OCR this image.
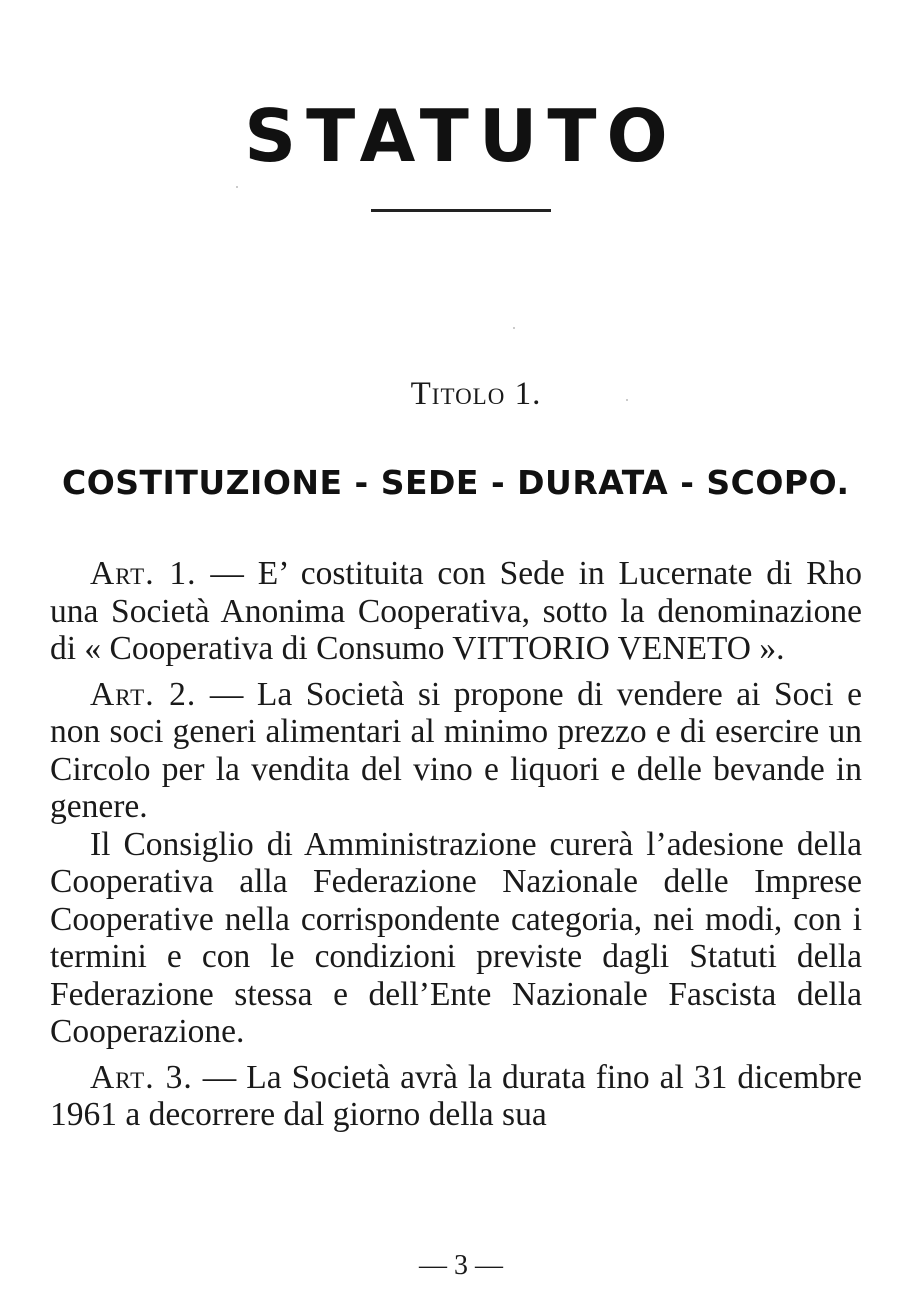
STATUTO
Titolo 1.
COSTITUZIONE - SEDE - DURATA - SCOPO.

Art. 1. — E’ costituita con Sede in Lucernate di Rho una Società Anonima Cooperativa, sotto la denominazione di « Cooperativa di Consumo VITTORIO VENETO ».

Art. 2. — La Società si propone di vendere ai Soci e non soci generi alimentari al minimo prezzo e di esercire un Circolo per la vendita del vino e liquori e delle bevande in genere.

Il Consiglio di Amministrazione curerà l’adesione della Cooperativa alla Federazione Nazionale delle Imprese Cooperative nella corrispondente categoria, nei modi, con i termini e con le condizioni previste dagli Statuti della Federazione stessa e dell’Ente Nazionale Fascista della Cooperazione.

Art. 3. — La Società avrà la durata fino al 31 dicembre 1961 a decorrere dal giorno della sua

— 3 —
